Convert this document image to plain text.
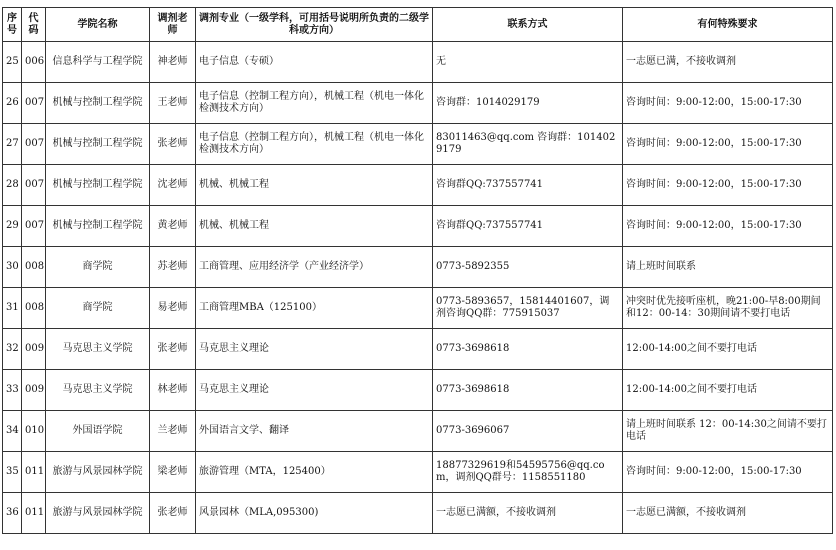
序号	代码	学院名称	调剂老师	调剂专业（一级学科，可用括号说明所负责的二级学科或方向）	联系方式	有何特殊要求
25	006	信息科学与工程学院	神老师	电子信息（专硕）	无	一志愿已满，不接收调剂
26	007	机械与控制工程学院	王老师	电子信息（控制工程方向），机械工程（机电一体化检测技术方向）	咨询群：1014029179	咨询时间：9:00-12:00，15:00-17:30
27	007	机械与控制工程学院	张老师	电子信息（控制工程方向），机械工程（机电一体化检测技术方向）	83011463@qq.com 咨询群：1014029179	咨询时间：9:00-12:00，15:00-17:30
28	007	机械与控制工程学院	沈老师	机械、机械工程	咨询群QQ:737557741	咨询时间：9:00-12:00，15:00-17:30
29	007	机械与控制工程学院	黄老师	机械、机械工程	咨询群QQ:737557741	咨询时间：9:00-12:00，15:00-17:30
30	008	商学院	苏老师	工商管理、应用经济学（产业经济学）	0773-5892355	请上班时间联系
31	008	商学院	易老师	工商管理MBA（125100）	0773-5893657，15814401607，调剂咨询QQ群：775915037	冲突时优先接听座机，晚21:00-早8:00期间和12：00-14：30期间请不要打电话
32	009	马克思主义学院	张老师	马克思主义理论	0773-3698618	12:00-14:00之间不要打电话
33	009	马克思主义学院	林老师	马克思主义理论	0773-3698618	12:00-14:00之间不要打电话
34	010	外国语学院	兰老师	外国语言文学、翻译	0773-3696067	请上班时间联系 12：00-14:30之间请不要打电话
35	011	旅游与风景园林学院	梁老师	旅游管理（MTA，125400）	18877329619和54595756@qq.com，调剂QQ群号：1158551180	咨询时间：9:00-12:00，15:00-17:30
36	011	旅游与风景园林学院	张老师	风景园林（MLA,095300)	一志愿已满额，不接收调剂	一志愿已满额，不接收调剂
